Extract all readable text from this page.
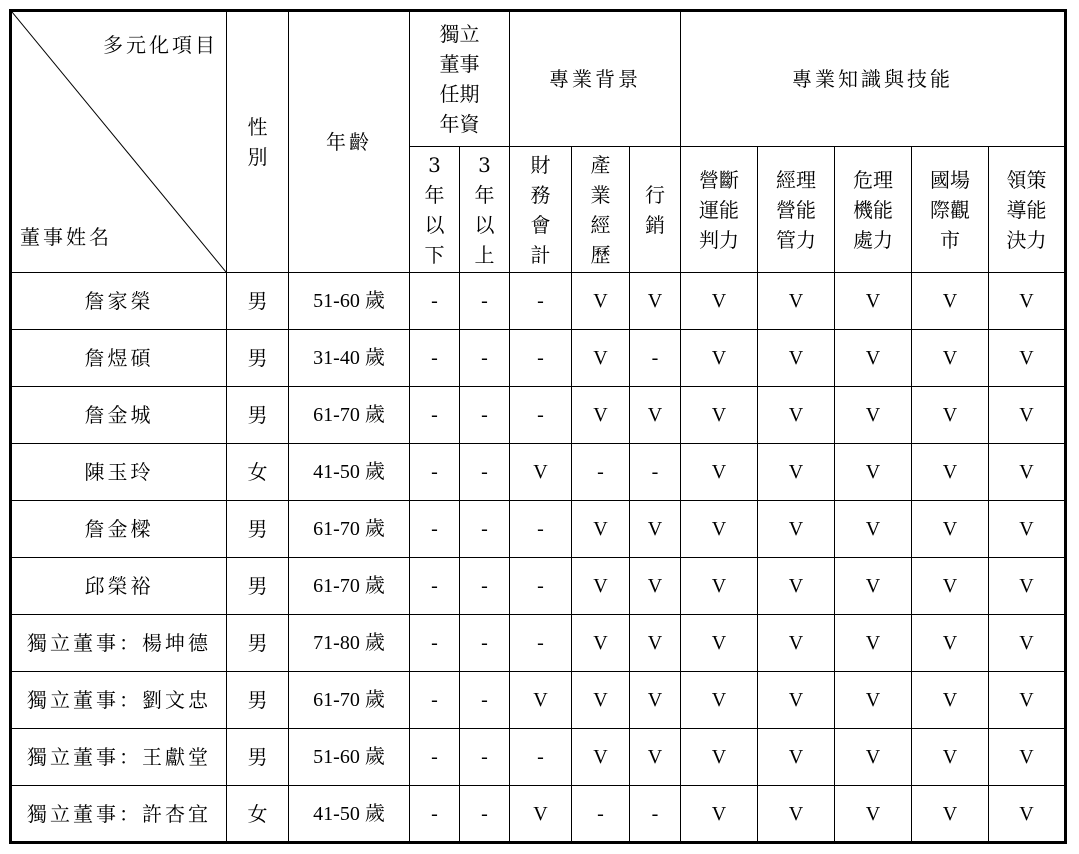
多元化項目
董事姓名	性別	年齡	獨立董事任期年資		專業背景			專業知識與技能				
			3年以下	3年以上	財務會計	產業經歷	行銷	營斷運能判力	經理營能管力	危理機能處力	國場際觀市	領策導能決力
詹家榮	男	51-60 歲	-	-	-	V	V	V	V	V	V	V
詹煜碩	男	31-40 歲	-	-	-	V	-	V	V	V	V	V
詹金城	男	61-70 歲	-	-	-	V	V	V	V	V	V	V
陳玉玲	女	41-50 歲	-	-	V	-	-	V	V	V	V	V
詹金樑	男	61-70 歲	-	-	-	V	V	V	V	V	V	V
邱榮裕	男	61-70 歲	-	-	-	V	V	V	V	V	V	V
獨立董事：楊坤德	男	71-80 歲	-	-	-	V	V	V	V	V	V	V
獨立董事：劉文忠	男	61-70 歲	-	-	V	V	V	V	V	V	V	V
獨立董事：王獻堂	男	51-60 歲	-	-	-	V	V	V	V	V	V	V
獨立董事：許杏宜	女	41-50 歲	-	-	V	-	-	V	V	V	V	V
